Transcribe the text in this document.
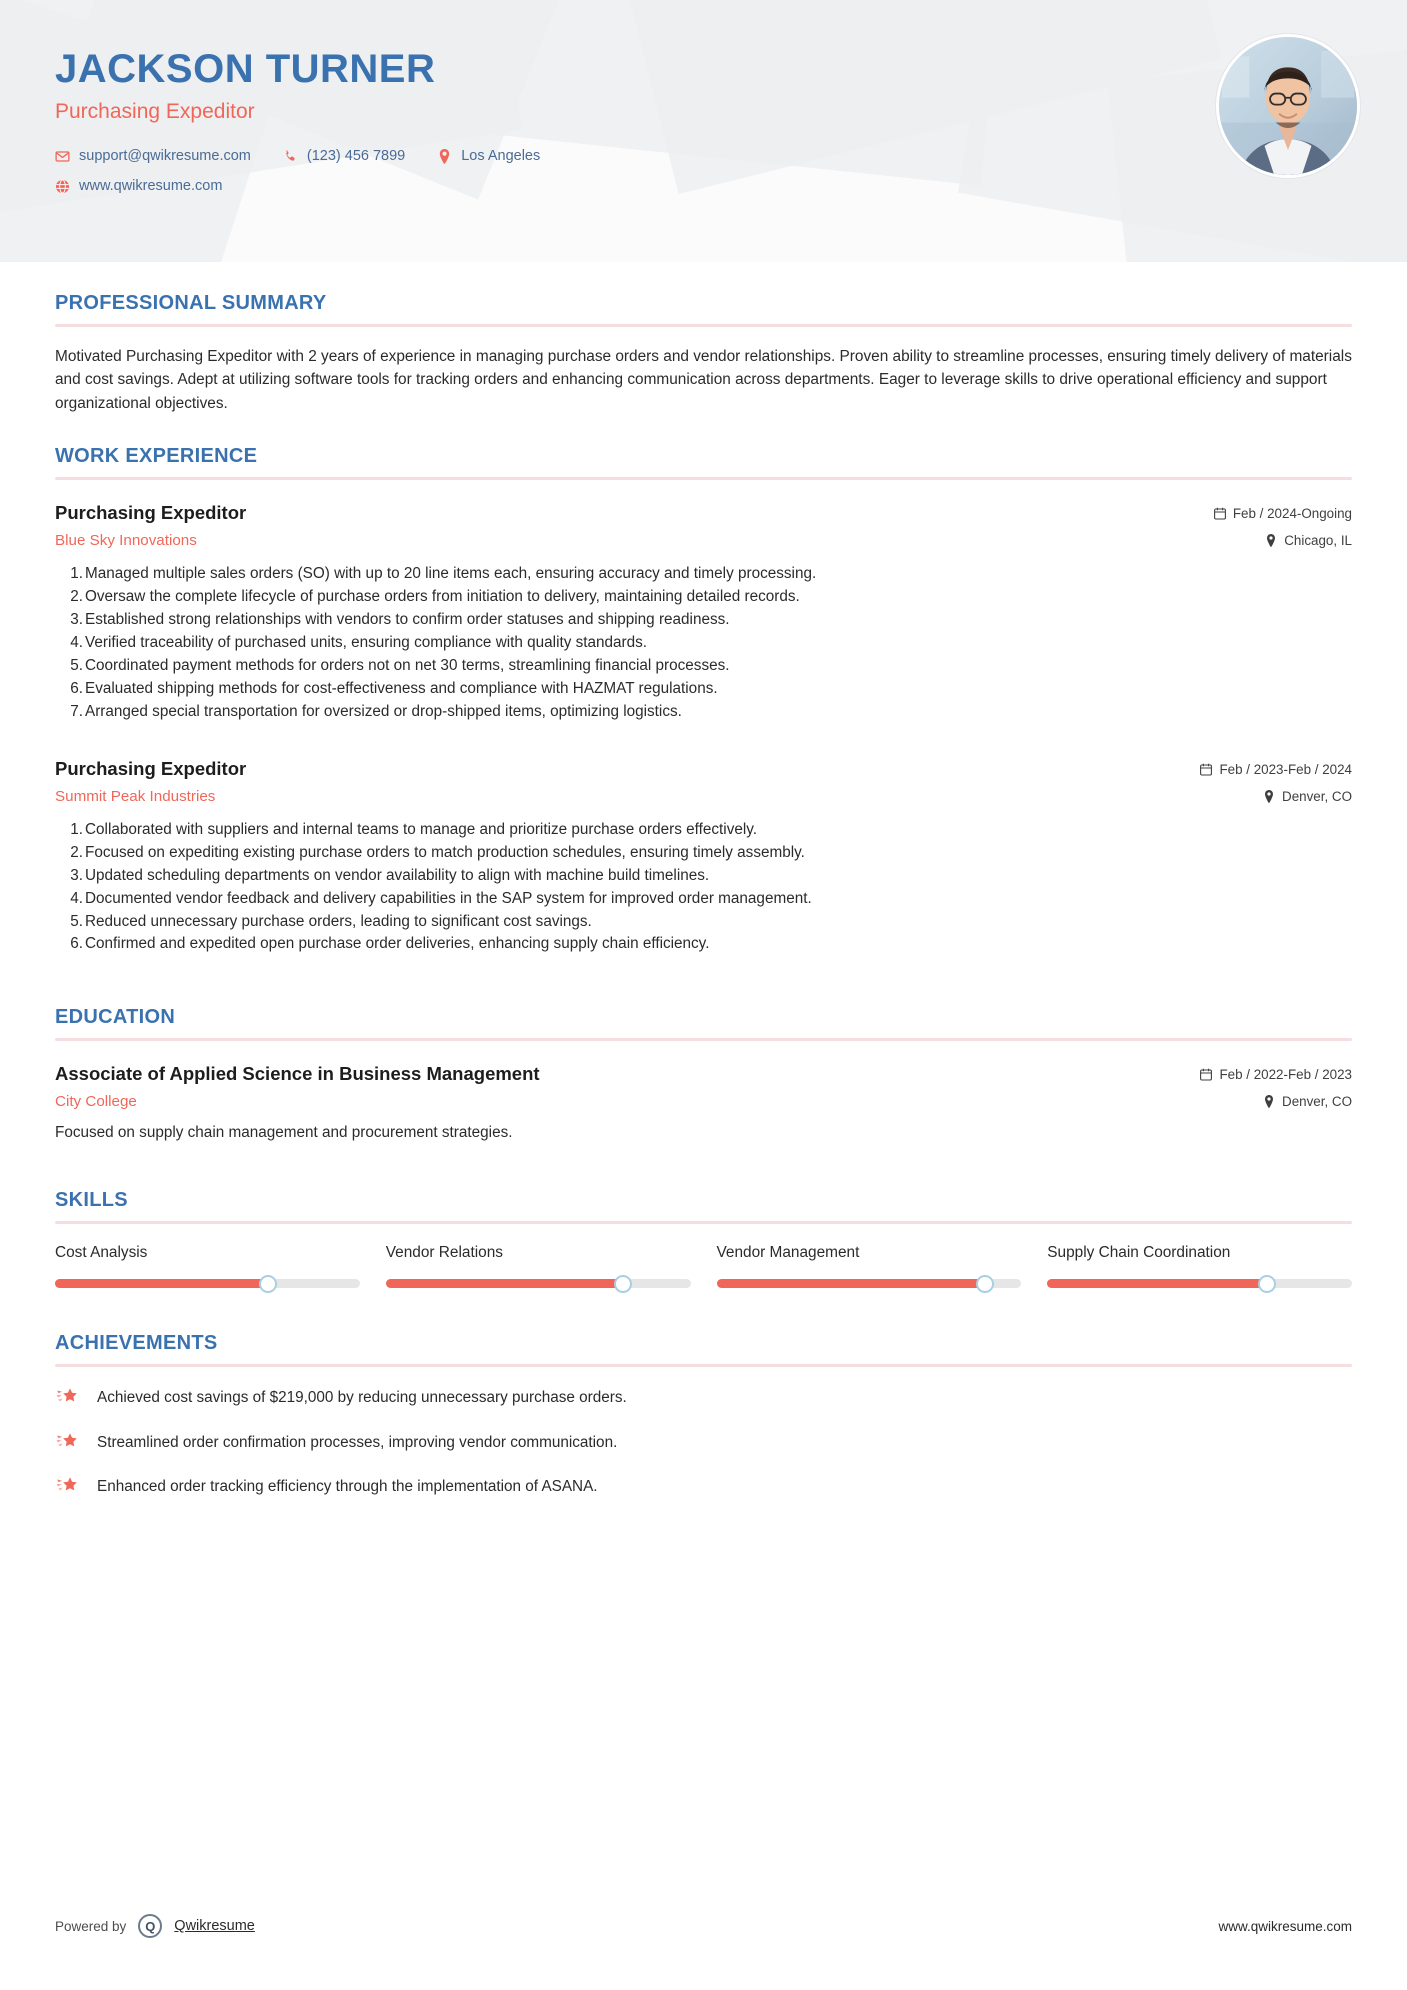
JACKSON TURNER
Purchasing Expeditor
support@qwikresume.com	(123) 456 7899	Los Angeles
www.qwikresume.com
PROFESSIONAL SUMMARY
Motivated Purchasing Expeditor with 2 years of experience in managing purchase orders and vendor relationships. Proven ability to streamline processes, ensuring timely delivery of materials and cost savings. Adept at utilizing software tools for tracking orders and enhancing communication across departments. Eager to leverage skills to drive operational efficiency and support organizational objectives.
WORK EXPERIENCE
Purchasing Expeditor
Blue Sky Innovations
Feb / 2024-Ongoing
Chicago, IL
Managed multiple sales orders (SO) with up to 20 line items each, ensuring accuracy and timely processing.
Oversaw the complete lifecycle of purchase orders from initiation to delivery, maintaining detailed records.
Established strong relationships with vendors to confirm order statuses and shipping readiness.
Verified traceability of purchased units, ensuring compliance with quality standards.
Coordinated payment methods for orders not on net 30 terms, streamlining financial processes.
Evaluated shipping methods for cost-effectiveness and compliance with HAZMAT regulations.
Arranged special transportation for oversized or drop-shipped items, optimizing logistics.
Purchasing Expeditor
Summit Peak Industries
Feb / 2023-Feb / 2024
Denver, CO
Collaborated with suppliers and internal teams to manage and prioritize purchase orders effectively.
Focused on expediting existing purchase orders to match production schedules, ensuring timely assembly.
Updated scheduling departments on vendor availability to align with machine build timelines.
Documented vendor feedback and delivery capabilities in the SAP system for improved order management.
Reduced unnecessary purchase orders, leading to significant cost savings.
Confirmed and expedited open purchase order deliveries, enhancing supply chain efficiency.
EDUCATION
Associate of Applied Science in Business Management
City College
Feb / 2022-Feb / 2023
Denver, CO
Focused on supply chain management and procurement strategies.
SKILLS
Cost Analysis	Vendor Relations	Vendor Management	Supply Chain Coordination
ACHIEVEMENTS
Achieved cost savings of $219,000 by reducing unnecessary purchase orders.
Streamlined order confirmation processes, improving vendor communication.
Enhanced order tracking efficiency through the implementation of ASANA.
Powered by	Q	Qwikresume	www.qwikresume.com
